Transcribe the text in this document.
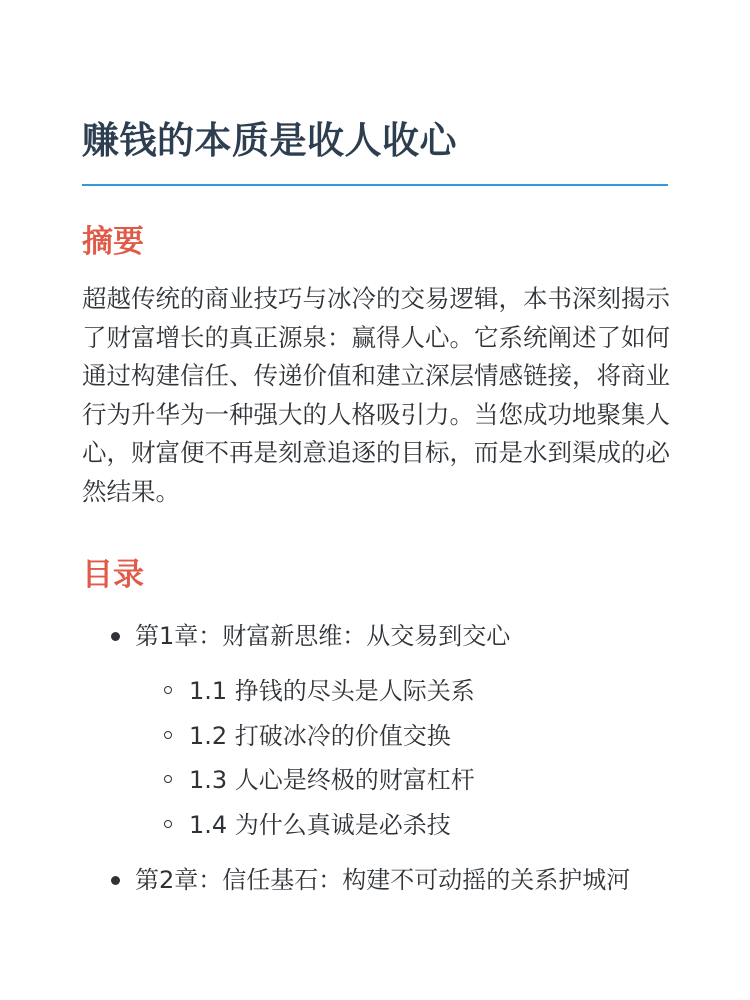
赚钱的本质是收人收心
摘要

超越传统的商业技巧与冰冷的交易逻辑，本书深刻揭示了财富增长的真正源泉：赢得人心。它系统阐述了如何通过构建信任、传递价值和建立深层情感链接，将商业行为升华为一种强大的人格吸引力。当您成功地聚集人心，财富便不再是刻意追逐的目标，而是水到渠成的必然结果。

目录
第1章：财富新思维：从交易到交心
1.1 挣钱的尽头是人际关系
1.2 打破冰冷的价值交换
1.3 人心是终极的财富杠杆
1.4 为什么真诚是必杀技
第2章：信任基石：构建不可动摇的关系护城河
